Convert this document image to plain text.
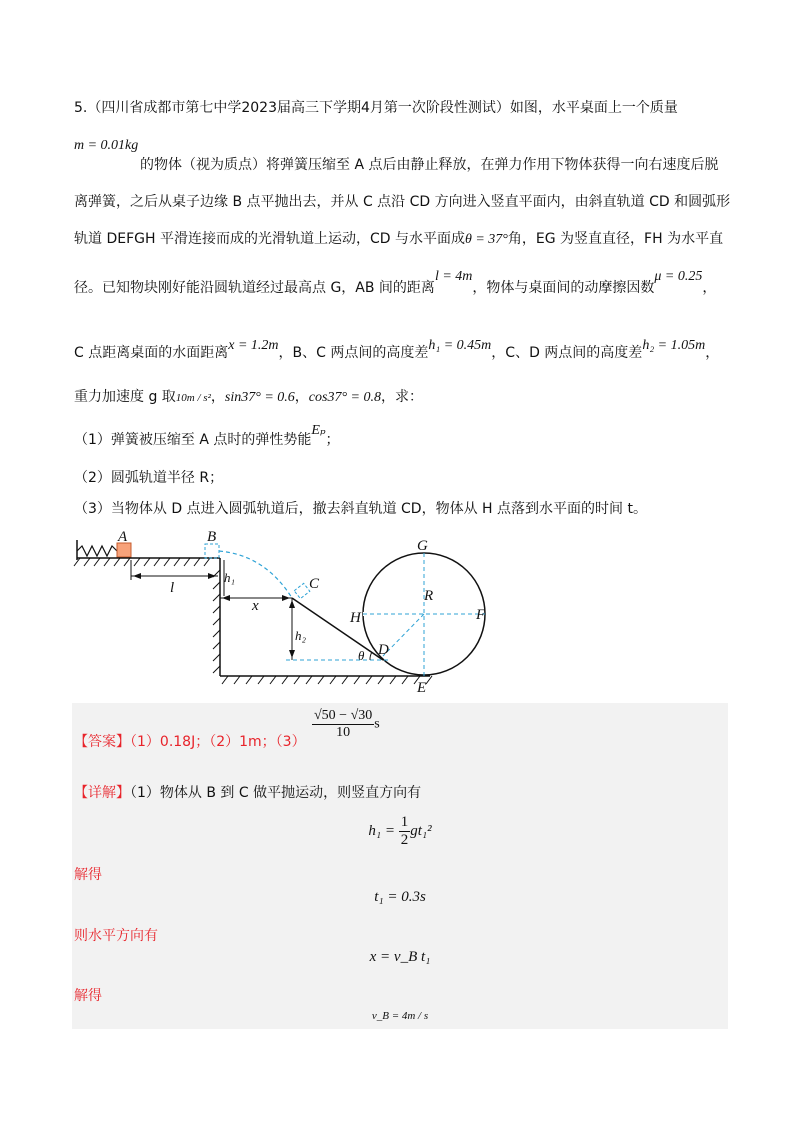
5.（四川省成都市第七中学2023届高三下学期4月第一次阶段性测试）如图，水平桌面上一个质量
m = 0.01kg
的物体（视为质点）将弹簧压缩至 A 点后由静止释放，在弹力作用下物体获得一向右速度后脱
离弹簧，之后从桌子边缘 B 点平抛出去，并从 C 点沿 CD 方向进入竖直平面内，由斜直轨道 CD 和圆弧形
轨道 DEFGH 平滑连接而成的光滑轨道上运动，CD 与水平面成θ = 37°角，EG 为竖直直径，FH 为水平直
径。已知物块刚好能沿圆轨道经过最高点 G，AB 间的距离l = 4m，物体与桌面间的动摩擦因数μ = 0.25，
C 点距离桌面的水面距离x = 1.2m，B、C 两点间的高度差h₁ = 0.45m，C、D 两点间的高度差h₂ = 1.05m，
重力加速度 g 取10m / s²，sin37° = 0.6，cos37° = 0.8，求：
（1）弹簧被压缩至 A 点时的弹性势能Eₚ；
（2）圆弧轨道半径 R；
（3）当物体从 D 点进入圆弧轨道后，撤去斜直轨道 CD，物体从 H 点落到水平面的时间 t。
A	B
C
D
E
F
G
H
R
l
x
h₁
h₂
θ
【答案】（1）0.18J；（2）1m；（3）
$\frac{√50 - √30}{10}$ s
【详解】（1）物体从 B 到 C 做平抛运动，则竖直方向有
$h_1 = \frac{1}{2} gt_1^2$
解得
t₁ = 0.3s
则水平方向有
x = v_B t₁
解得
v_B = 4m / s
